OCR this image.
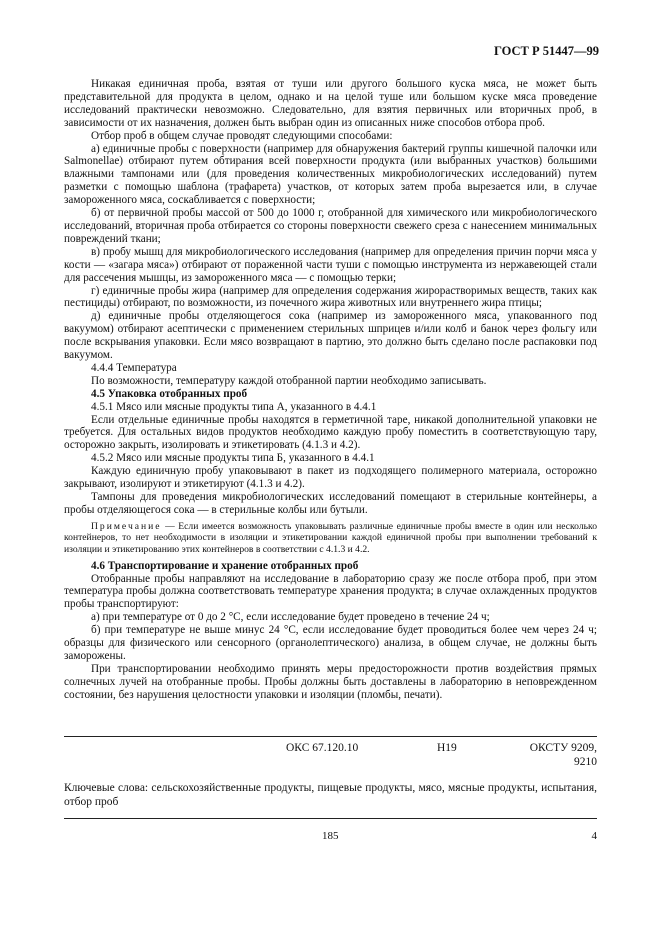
ГОСТ Р 51447—99

Никакая единичная проба, взятая от туши или другого большого куска мяса, не может быть представительной для продукта в целом, однако и на целой туше или большом куске мяса проведение исследований практически невозможно. Следовательно, для взятия первичных или вторичных проб, в зависимости от их назначения, должен быть выбран один из описанных ниже способов отбора проб.

Отбор проб в общем случае проводят следующими способами:

а) единичные пробы с поверхности (например для обнаружения бактерий группы кишечной палочки или Salmonellae) отбирают путем обтирания всей поверхности продукта (или выбранных участков) большими влажными тампонами или (для проведения количественных микробиологических исследований) путем разметки с помощью шаблона (трафарета) участков, от которых затем проба вырезается или, в случае замороженного мяса, соскабливается с поверхности;

б) от первичной пробы массой от 500 до 1000 г, отобранной для химического или микробиологического исследований, вторичная проба отбирается со стороны поверхности свежего среза с нанесением минимальных повреждений ткани;

в) пробу мышц для микробиологического исследования (например для определения причин порчи мяса у кости — «загара мяса») отбирают от пораженной части туши с помощью инструмента из нержавеющей стали для рассечения мышцы, из замороженного мяса — с помощью терки;

г) единичные пробы жира (например для определения содержания жирорастворимых веществ, таких как пестициды) отбирают, по возможности, из почечного жира животных или внутреннего жира птицы;

д) единичные пробы отделяющегося сока (например из замороженного мяса, упакованного под вакуумом) отбирают асептически с применением стерильных шприцев и/или колб и банок через фольгу или после вскрывания упаковки. Если мясо возвращают в партию, это должно быть сделано после распаковки под вакуумом.

4.4.4 Температура

По возможности, температуру каждой отобранной партии необходимо записывать.

4.5 Упаковка отобранных проб

4.5.1 Мясо или мясные продукты типа А, указанного в 4.4.1

Если отдельные единичные пробы находятся в герметичной таре, никакой дополнительной упаковки не требуется. Для остальных видов продуктов необходимо каждую пробу поместить в соответствующую тару, осторожно закрыть, изолировать и этикетировать (4.1.3 и 4.2).

4.5.2 Мясо или мясные продукты типа Б, указанного в 4.4.1

Каждую единичную пробу упаковывают в пакет из подходящего полимерного материала, осторожно закрывают, изолируют и этикетируют (4.1.3 и 4.2).

Тампоны для проведения микробиологических исследований помещают в стерильные контейнеры, а пробы отделяющегося сока — в стерильные колбы или бутыли.

Примечание — Если имеется возможность упаковывать различные единичные пробы вместе в один или несколько контейнеров, то нет необходимости в изоляции и этикетировании каждой единичной пробы при выполнении требований к изоляции и этикетированию этих контейнеров в соответствии с 4.1.3 и 4.2.

4.6 Транспортирование и хранение отобранных проб

Отобранные пробы направляют на исследование в лабораторию сразу же после отбора проб, при этом температура пробы должна соответствовать температуре хранения продукта; в случае охлажденных продуктов пробы транспортируют:

а) при температуре от 0 до 2 °С, если исследование будет проведено в течение 24 ч;

б) при температуре не выше минус 24 °С, если исследование будет проводиться более чем через 24 ч; образцы для физического или сенсорного (органолептического) анализа, в общем случае, не должны быть заморожены.

При транспортировании необходимо принять меры предосторожности против воздействия прямых солнечных лучей на отобранные пробы. Пробы должны быть доставлены в лабораторию в неповрежденном состоянии, без нарушения целостности упаковки и изоляции (пломбы, печати).

ОКС 67.120.10	Н19	ОКСТУ 9209,
9210
Ключевые слова: сельскохозяйственные продукты, пищевые продукты, мясо, мясные продукты, испытания, отбор проб
185	4
